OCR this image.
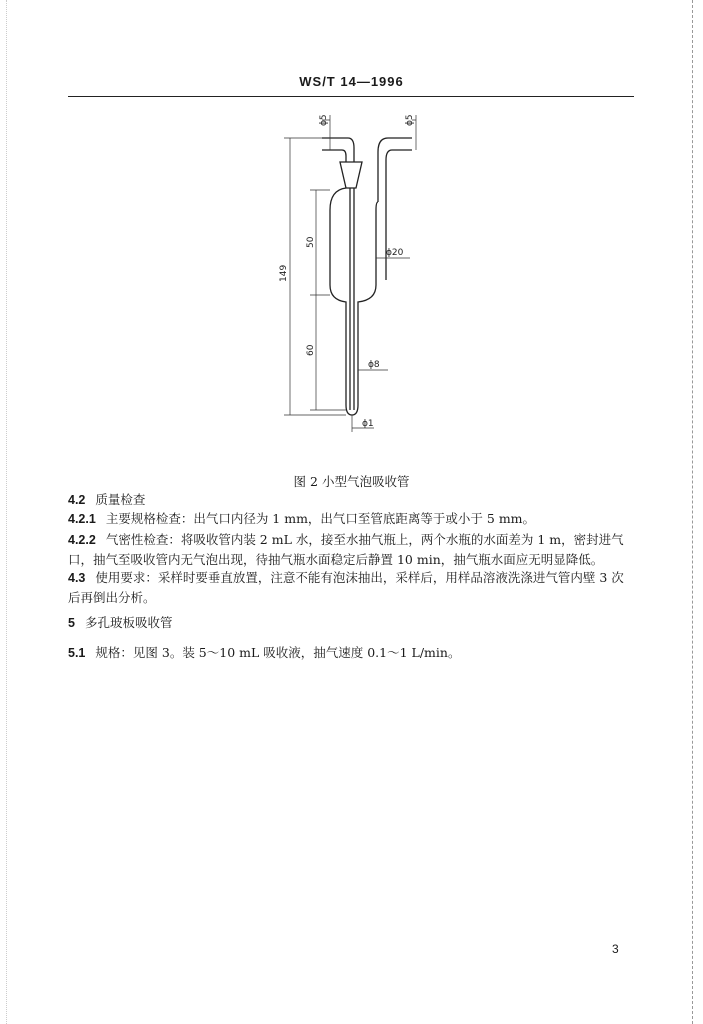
WS/T 14—1996
ϕ5	ϕ5
ϕ20
ϕ8
ϕ1
149
50
60
图 2 小型气泡吸收管
4.2 质量检查
4.2.1 主要规格检查：出气口内径为 1 mm，出气口至管底距离等于或小于 5 mm。
4.2.2 气密性检查：将吸收管内装 2 mL 水，接至水抽气瓶上，两个水瓶的水面差为 1 m，密封进气口，抽气至吸收管内无气泡出现，待抽气瓶水面稳定后静置 10 min，抽气瓶水面应无明显降低。
4.3 使用要求：采样时要垂直放置，注意不能有泡沫抽出，采样后，用样品溶液洗涤进气管内壁 3 次后再倒出分析。
5 多孔玻板吸收管
5.1 规格：见图 3。装 5～10 mL 吸收液，抽气速度 0.1～1 L/min。
3
